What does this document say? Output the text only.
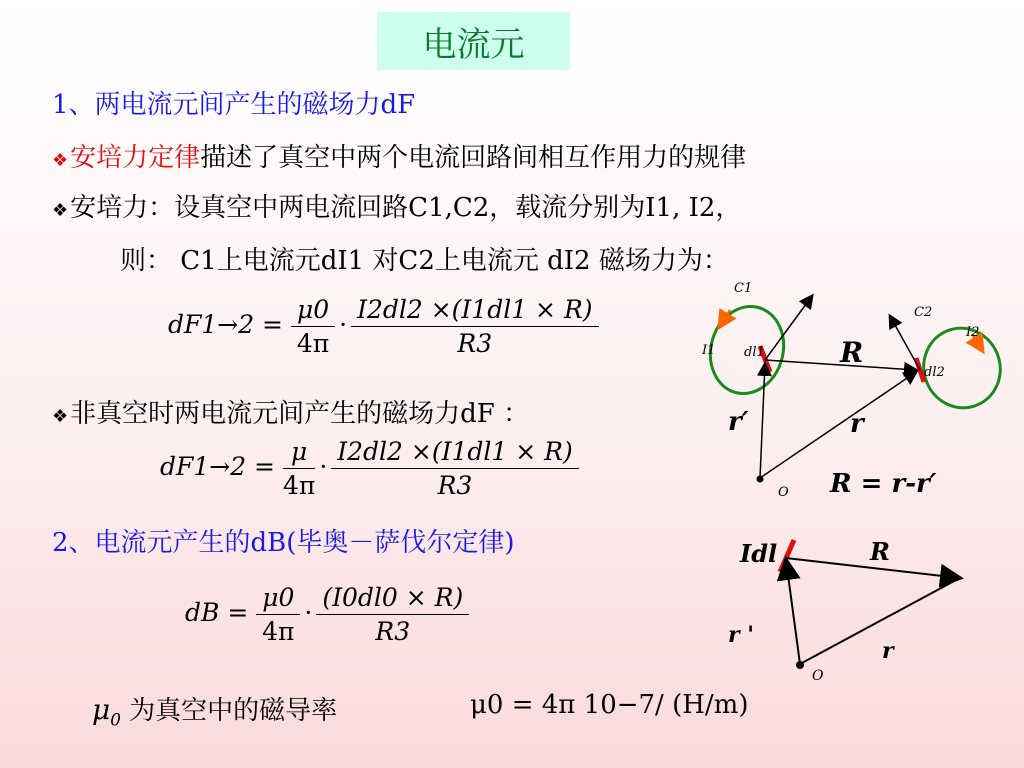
电流元
1、两电流元间产生的磁场力dF
❖安培力定律描述了真空中两个电流回路间相互作用力的规律
❖安培力：设真空中两电流回路C1,C2，载流分别为I1, I2，
则： C1上电流元dI1 对C2上电流元 dI2 磁场力为：
$dF1\to 2 = \frac{\mu 0}{4\pi} \cdot \frac{I2dl2 \times(I1dl1 \times R)}{R3}$
❖非真空时两电流元间产生的磁场力dF ：
$dF1\to 2 = \frac{\mu}{4\pi} \cdot \frac{I2dl2 \times(I1dl1 \times R)}{R3}$
2、电流元产生的dB(毕奥－萨伐尔定律)
dB = $\frac{\mu 0}{4\pi} \cdot \frac{(I0dl0 \times R)}{R3}$
$\mu_0$ 为真空中的磁导率	μ0 = 4π 10−7/ (H/m)
C1
C2
I1
I2
dl1
dl2
R
r′	r
O R = r-r′
Idl	R
r '
r
O
